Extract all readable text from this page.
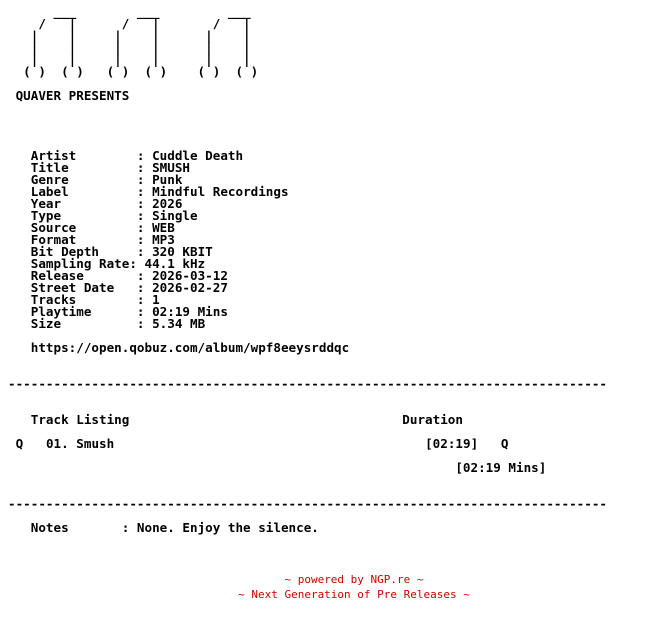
___        ___         ___
/   |      /   |       /   |
|    |     |    |      |    |
|    |     |    |      |    |
|    |     |    |      |    |
( )  ( )   ( )  ( )    ( )  ( )

QUAVER PRESENTS

Artist        : Cuddle Death
Title         : SMUSH
Genre         : Punk
Label         : Mindful Recordings
Year          : 2026
Type          : Single
Source        : WEB
Format        : MP3
Bit Depth     : 320 KBIT
Sampling Rate: 44.1 kHz
Release       : 2026-03-12
Street Date   : 2026-02-27
Tracks        : 1
Playtime      : 02:19 Mins
Size          : 5.34 MB

https://open.qobuz.com/album/wpf8eeysrddqc

-------------------------------------------------------------------------------

Track Listing	Duration

Q 01. Smush	[02:19] Q

[02:19 Mins]

-------------------------------------------------------------------------------

Notes       : None. Enjoy the silence.
~ powered by NGP.re ~
~ Next Generation of Pre Releases ~
